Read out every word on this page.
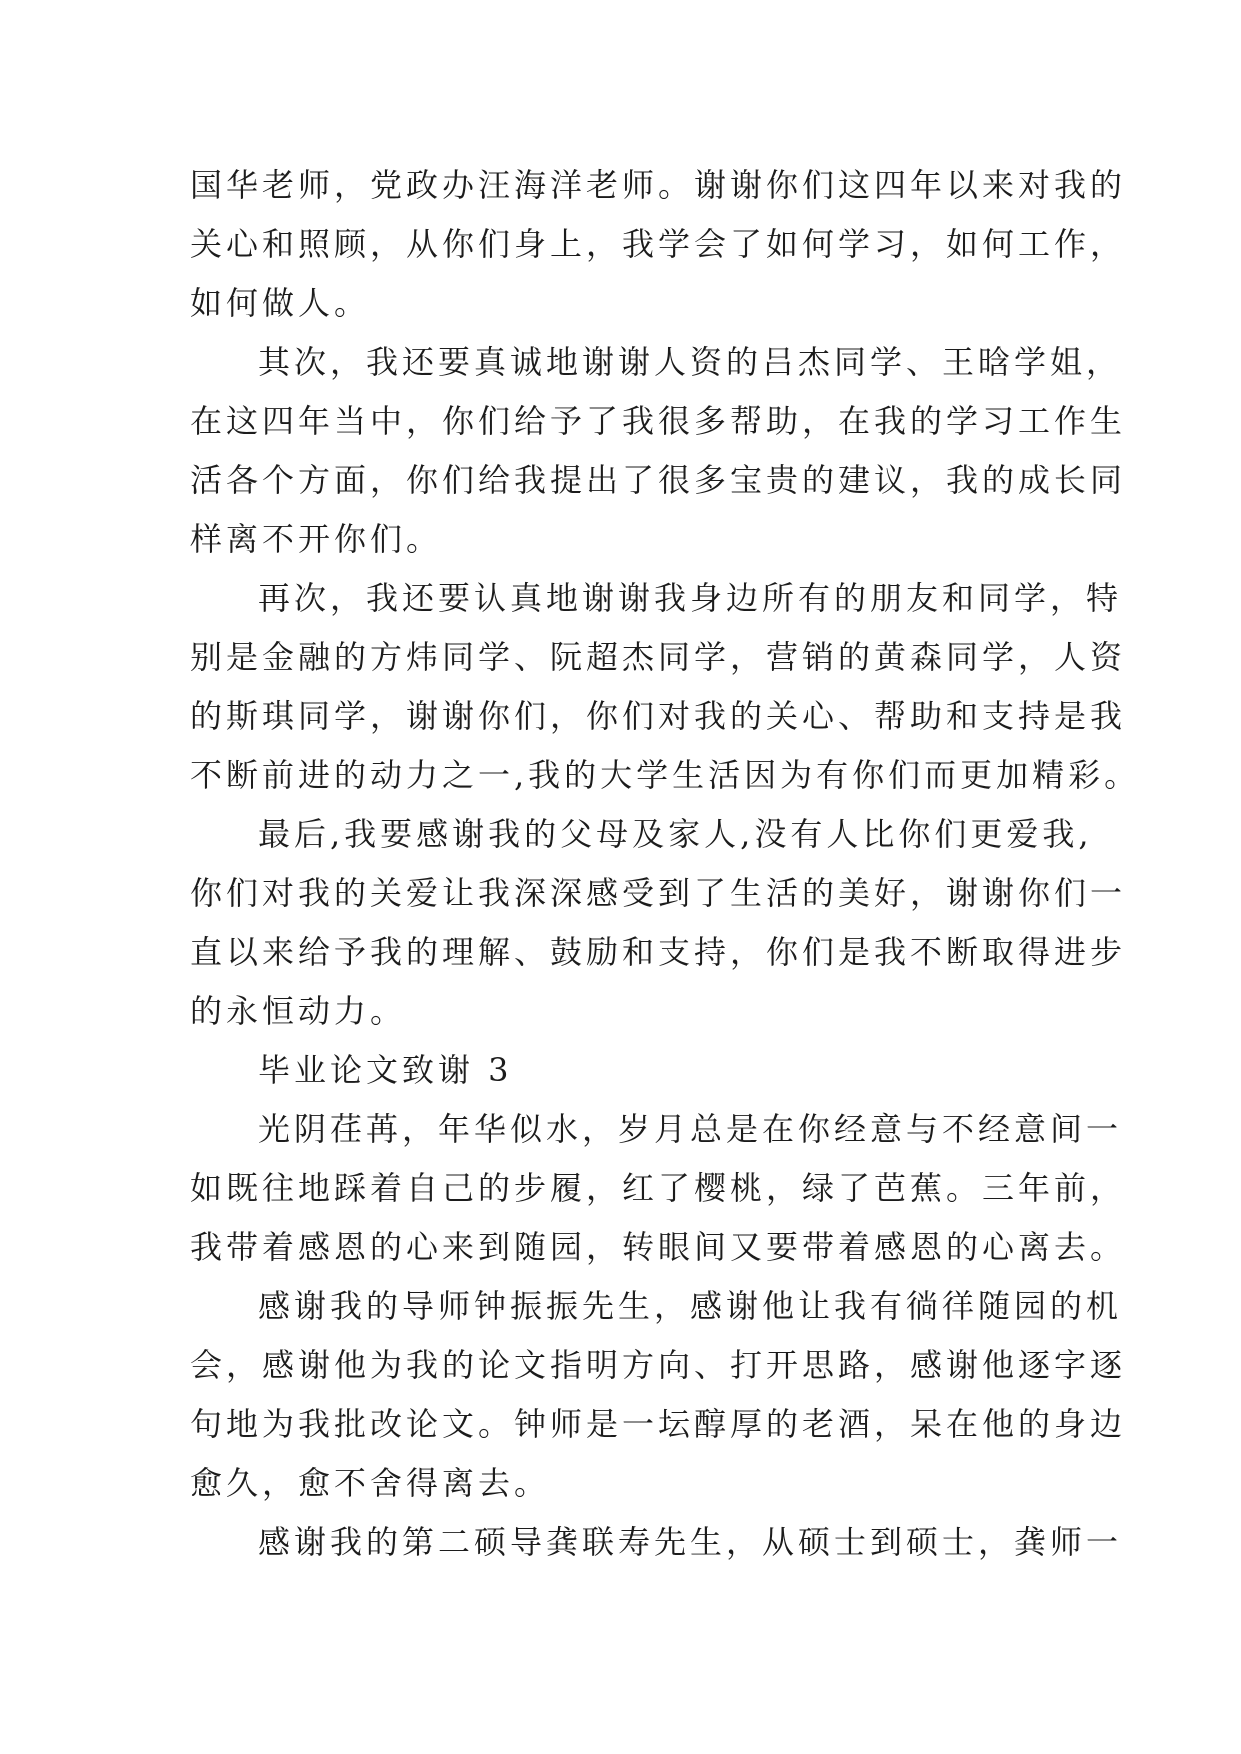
国华老师，党政办汪海洋老师。谢谢你们这四年以来对我的
关心和照顾，从你们身上，我学会了如何学习，如何工作，
如何做人。
其次，我还要真诚地谢谢人资的吕杰同学、王晗学姐，
在这四年当中，你们给予了我很多帮助，在我的学习工作生
活各个方面，你们给我提出了很多宝贵的建议，我的成长同
样离不开你们。
再次，我还要认真地谢谢我身边所有的朋友和同学，特
别是金融的方炜同学、阮超杰同学，营销的黄森同学，人资
的斯琪同学，谢谢你们，你们对我的关心、帮助和支持是我
不断前进的动力之一,我的大学生活因为有你们而更加精彩。
最后,我要感谢我的父母及家人,没有人比你们更爱我,
你们对我的关爱让我深深感受到了生活的美好，谢谢你们一
直以来给予我的理解、鼓励和支持，你们是我不断取得进步
的永恒动力。
毕业论文致谢 3
光阴荏苒，年华似水，岁月总是在你经意与不经意间一
如既往地踩着自己的步履，红了樱桃，绿了芭蕉。三年前，
我带着感恩的心来到随园，转眼间又要带着感恩的心离去。
感谢我的导师钟振振先生，感谢他让我有徜徉随园的机
会，感谢他为我的论文指明方向、打开思路，感谢他逐字逐
句地为我批改论文。钟师是一坛醇厚的老酒，呆在他的身边
愈久，愈不舍得离去。
感谢我的第二硕导龚联寿先生，从硕士到硕士，龚师一
